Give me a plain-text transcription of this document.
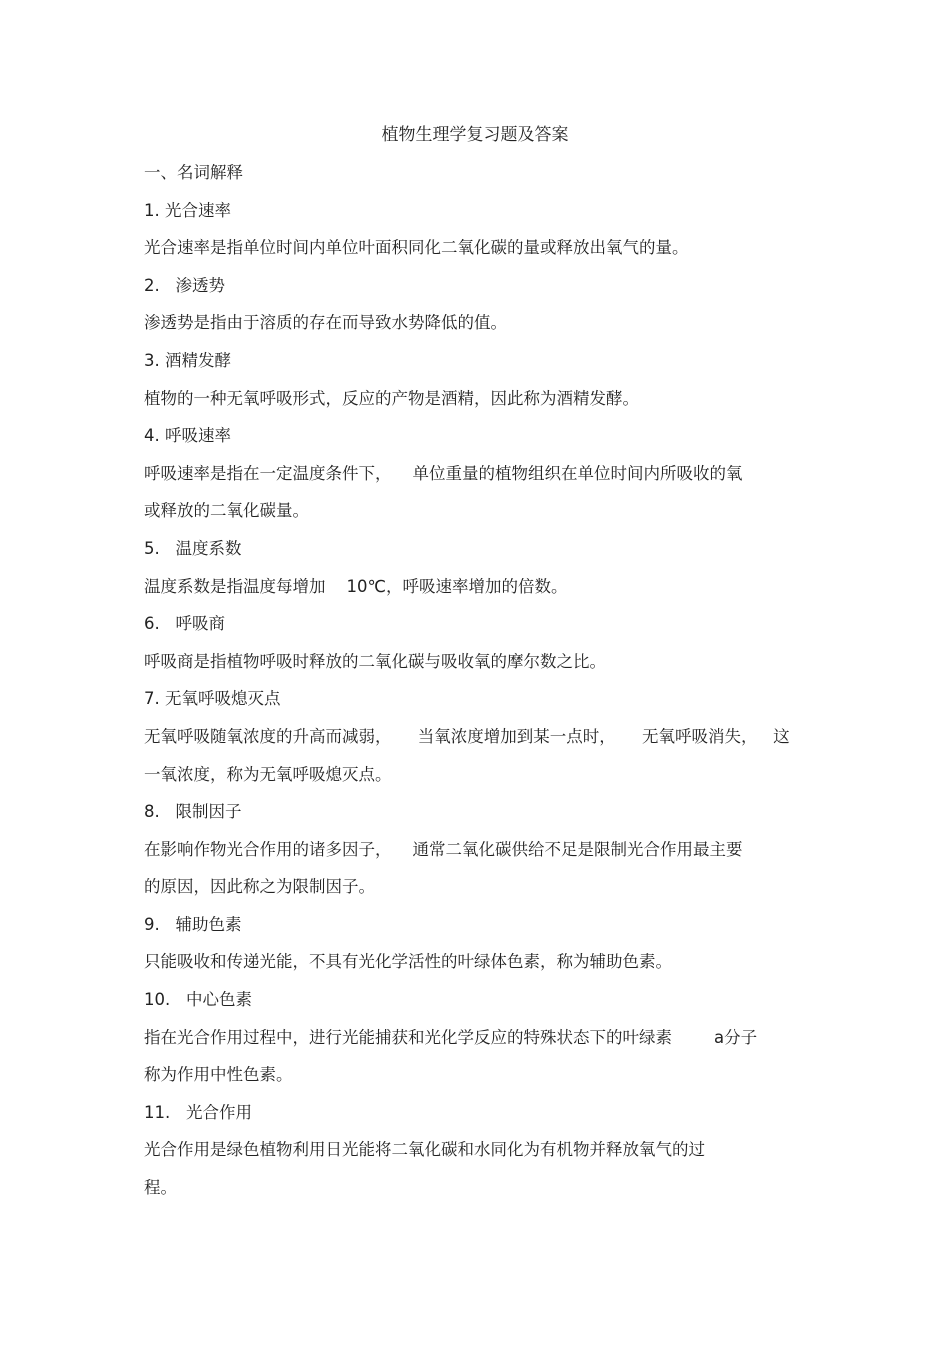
植物生理学复习题及答案
一、名词解释
1. 光合速率
光合速率是指单位时间内单位叶面积同化二氧化碳的量或释放出氧气的量。
2.   渗透势
渗透势是指由于溶质的存在而导致水势降低的值。
3. 酒精发酵
植物的一种无氧呼吸形式，反应的产物是酒精，因此称为酒精发酵。
4. 呼吸速率
呼吸速率是指在一定温度条件下，    单位重量的植物组织在单位时间内所吸收的氧
或释放的二氧化碳量。
5.   温度系数
温度系数是指温度每增加    10℃，呼吸速率增加的倍数。
6.   呼吸商
呼吸商是指植物呼吸时释放的二氧化碳与吸收氧的摩尔数之比。
7. 无氧呼吸熄灭点
无氧呼吸随氧浓度的升高而减弱，     当氧浓度增加到某一点时，     无氧呼吸消失，   这
一氧浓度，称为无氧呼吸熄灭点。
8.   限制因子
在影响作物光合作用的诸多因子，    通常二氧化碳供给不足是限制光合作用最主要
的原因，因此称之为限制因子。
9.   辅助色素
只能吸收和传递光能，不具有光化学活性的叶绿体色素，称为辅助色素。
10.   中心色素
指在光合作用过程中，进行光能捕获和光化学反应的特殊状态下的叶绿素        a分子
称为作用中性色素。
11.   光合作用
光合作用是绿色植物利用日光能将二氧化碳和水同化为有机物并释放氧气的过
程。
